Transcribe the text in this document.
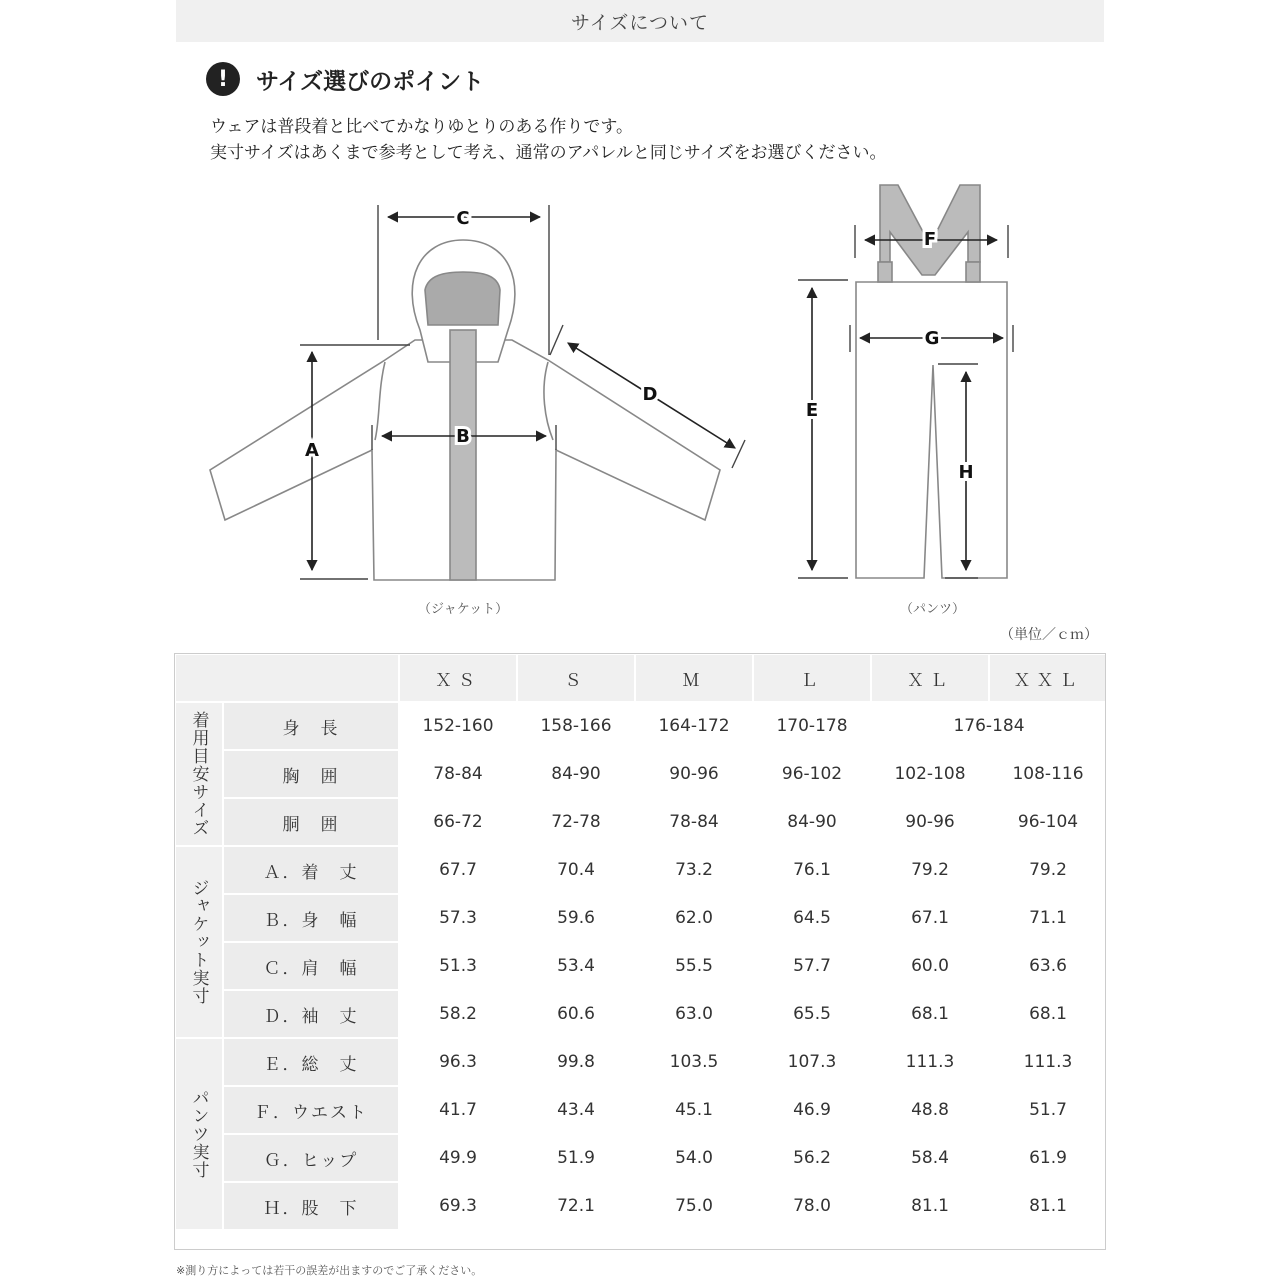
サイズについて
!	サイズ選びのポイント
ウェアは普段着と比べてかなりゆとりのある作りです。
実寸サイズはあくまで参考として考え、通常のアパレルと同じサイズをお選びください。
C
A
B
D
F
G
E
H
（ジャケット）	（パンツ）
（単位／ｃｍ）
		ＸＳ	Ｓ	Ｍ	Ｌ	ＸＬ	ＸＸＬ
着用目安サイズ	身　長	152-160	158-166	164-172	170-178	176-184	
	胸　囲	78-84	84-90	90-96	96-102	102-108	108-116
	胴　囲	66-72	72-78	78-84	84-90	90-96	96-104
ジャケット実寸	Ａ．着　丈	67.7	70.4	73.2	76.1	79.2	79.2
	Ｂ．身　幅	57.3	59.6	62.0	64.5	67.1	71.1
	Ｃ．肩　幅	51.3	53.4	55.5	57.7	60.0	63.6
	Ｄ．袖　丈	58.2	60.6	63.0	65.5	68.1	68.1
パンツ実寸	Ｅ．総　丈	96.3	99.8	103.5	107.3	111.3	111.3
	Ｆ．ウエスト	41.7	43.4	45.1	46.9	48.8	51.7
	Ｇ．ヒップ	49.9	51.9	54.0	56.2	58.4	61.9
	Ｈ．股　下	69.3	72.1	75.0	78.0	81.1	81.1
※測り方によっては若干の誤差が出ますのでご了承ください。
